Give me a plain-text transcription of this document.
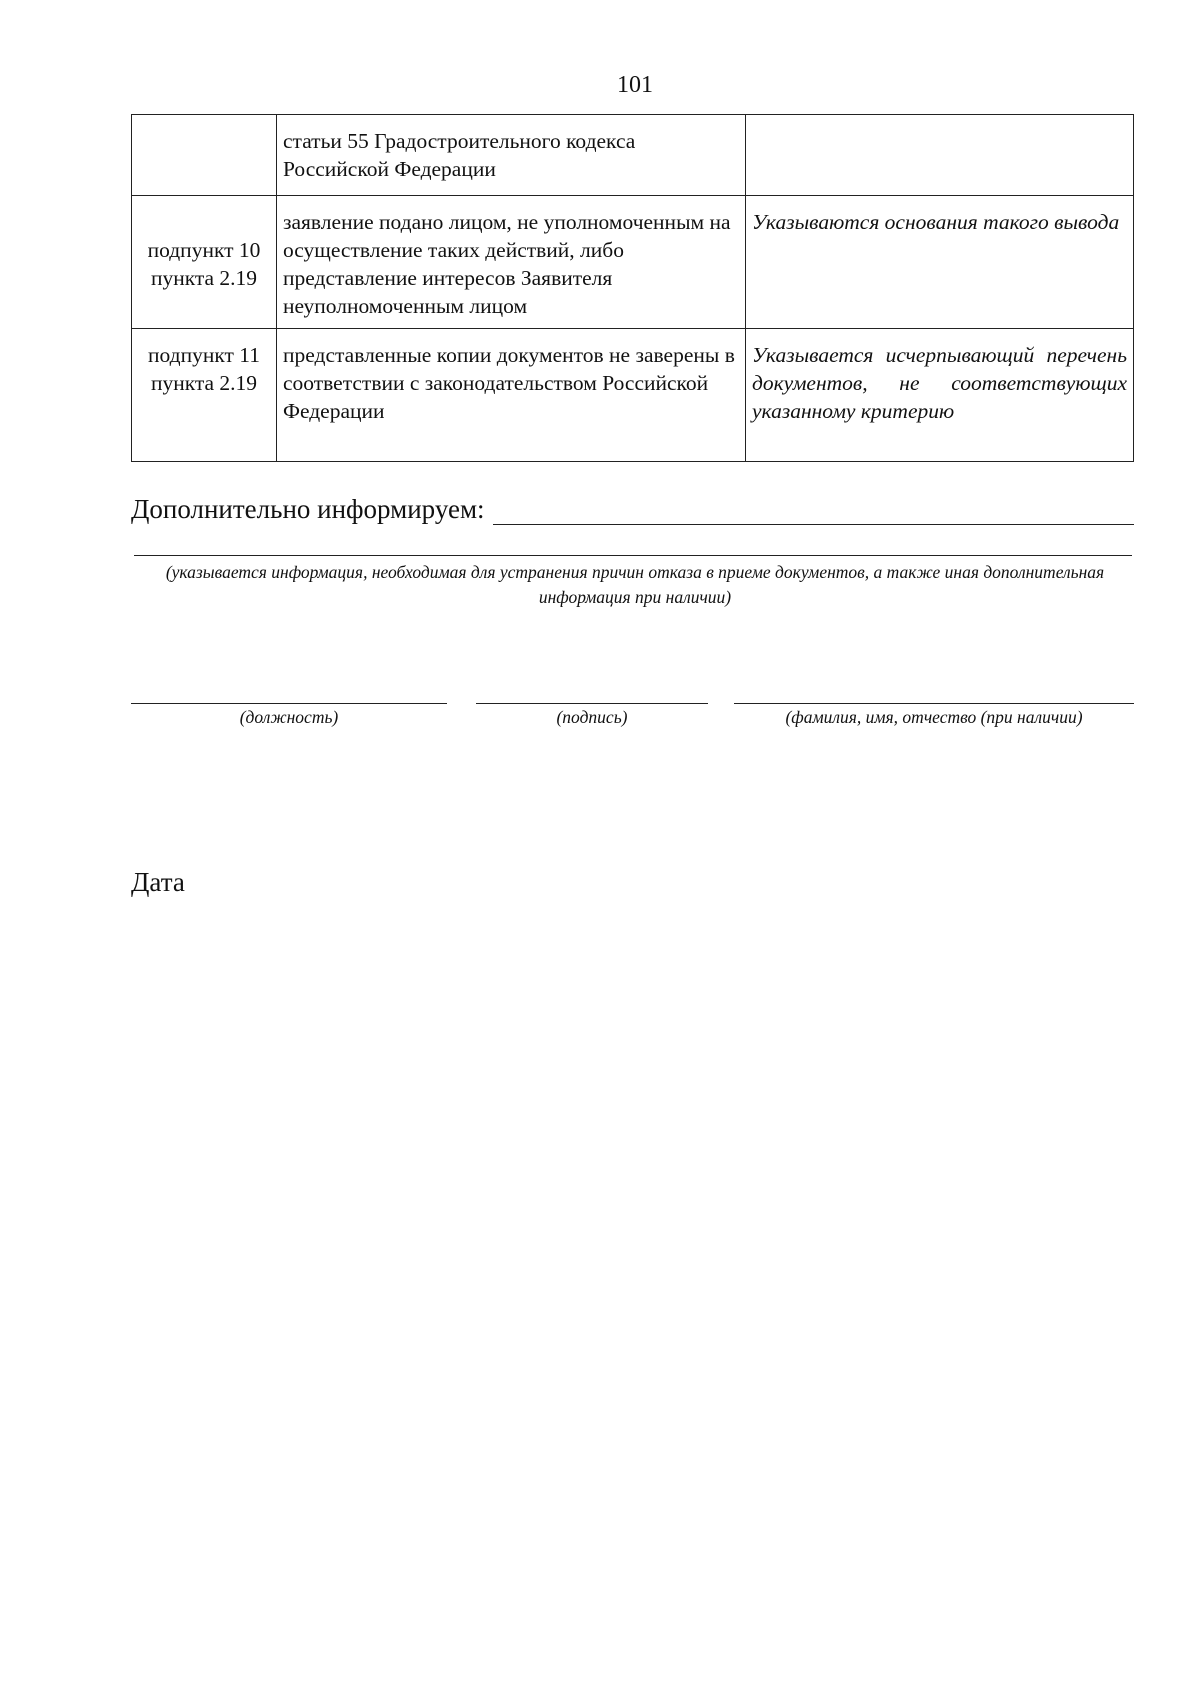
101
	статьи 55 Градостроительного кодекса Российской Федерации	
подпункт 10 пункта 2.19	заявление подано лицом, не уполномоченным на осуществление таких действий, либо представление интересов Заявителя неуполномоченным лицом	Указываются основания такого вывода
подпункт 11 пункта 2.19	представленные копии документов не заверены в соответствии с законодательством Российской Федерации	Указывается исчерпывающий перечень документов, не соответствующих указанному критерию
Дополнительно информируем:
(указывается информация, необходимая для устранения причин отказа в приеме документов, а также иная дополнительная информация при наличии)
(должность)	(подпись)	(фамилия, имя, отчество (при наличии)
Дата
